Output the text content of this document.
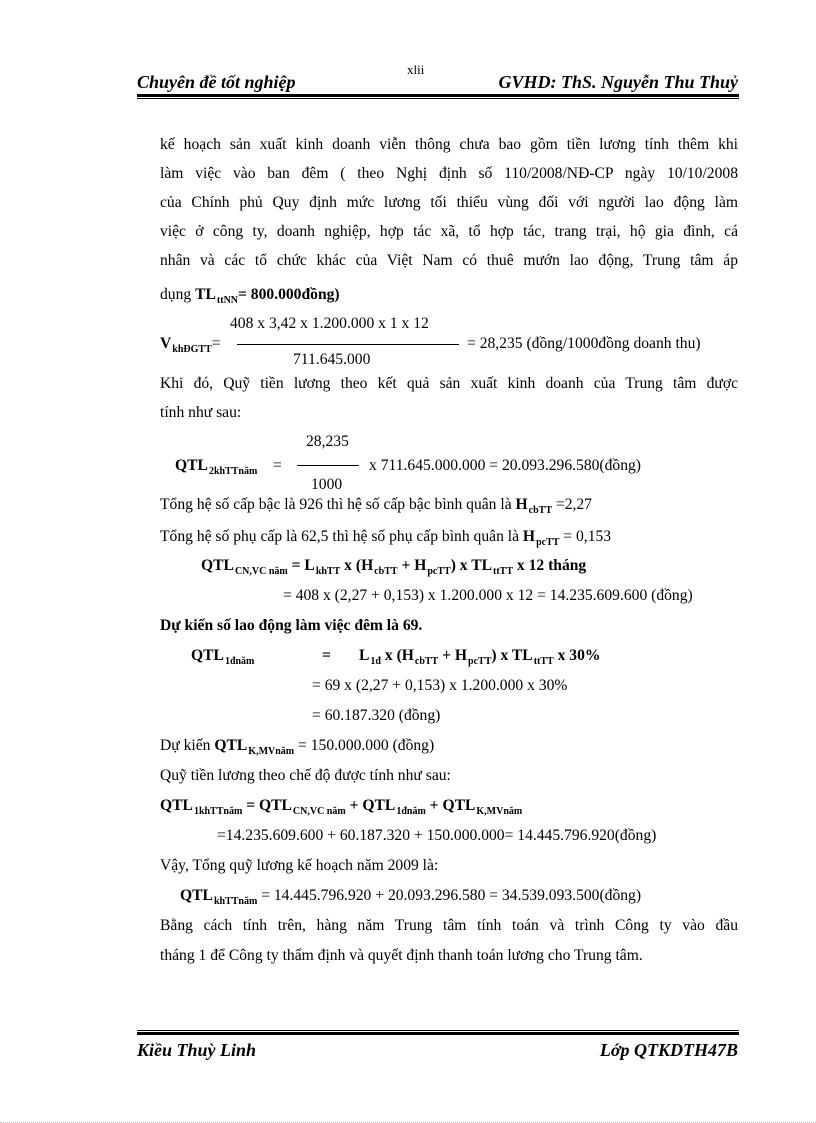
xlii
Chuyên đề tốt nghiệp	GVHD: ThS. Nguyễn Thu Thuỷ
kế hoạch sản xuất kinh doanh viễn thông chưa bao gồm tiền lương tính thêm khi
làm việc vào ban đêm ( theo Nghị định số 110/2008/NĐ-CP ngày 10/10/2008
của Chính phủ Quy định mức lương tối thiểu vùng đối với người lao động làm
việc ở công ty, doanh nghiệp, hợp tác xã, tổ hợp tác, trang trại, hộ gia đình, cá
nhân và các tổ chức khác của Việt Nam có thuê mướn lao động, Trung tâm áp
dụng $TL_{ttNN}=$ 800.000đồng)
408 x 3,42 x 1.200.000 x 1 x 12
$V_{khĐGTT}=$	= 28,235 (đồng/1000đồng doanh thu)
711.645.000
Khi đó, Quỹ tiền lương theo kết quả sản xuất kinh doanh của Trung tâm được
tính như sau:
28,235
$QTL_{2khTTnăm}$ =	x 711.645.000.000 = 20.093.296.580(đồng)
1000
Tổng hệ số cấp bậc là 926 thì hệ số cấp bậc bình quân là $H_{cbTT} =2,27$
Tổng hệ số phụ cấp là 62,5 thì hệ số phụ cấp bình quân là $H_{pcTT} = 0,153$
$QTL_{CN,VC năm} = L_{khTT}$ x $(H_{cbTT} + H_{pcTT})$ x $TL_{ttTT}$ x 12 tháng
= 408 x (2,27 + 0,153) x 1.200.000 x 12 = 14.235.609.600 (đồng)
Dự kiến số lao động làm việc đêm là 69.
$QTL_{1đnăm}$	= $L_{1đ}$ x $(H_{cbTT} + H_{pcTT})$ x $TL_{ttTT}$ x 30%
= 69 x (2,27 + 0,153) x 1.200.000 x 30%
= 60.187.320 (đồng)
Dự kiến $QTL_{K,MVnăm} = 150.000.000$ (đồng)
Quỹ tiền lương theo chế độ được tính như sau:
$QTL_{1khTTnăm} = QTL_{CN,VC năm} + QTL_{1đnăm} + QTL_{K,MVnăm}$
=14.235.609.600 + 60.187.320 + 150.000.000= 14.445.796.920(đồng)
Vậy, Tổng quỹ lương kế hoạch năm 2009 là:
$QTL_{khTTnăm} = 14.445.796.920 + 20.093.296.580$ = 34.539.093.500(đồng)
Bằng cách tính trên, hàng năm Trung tâm tính toán và trình Công ty vào đầu
tháng 1 để Công ty thẩm định và quyết định thanh toán lương cho Trung tâm.
Kiều Thuỳ Linh	Lớp QTKDTH47B
